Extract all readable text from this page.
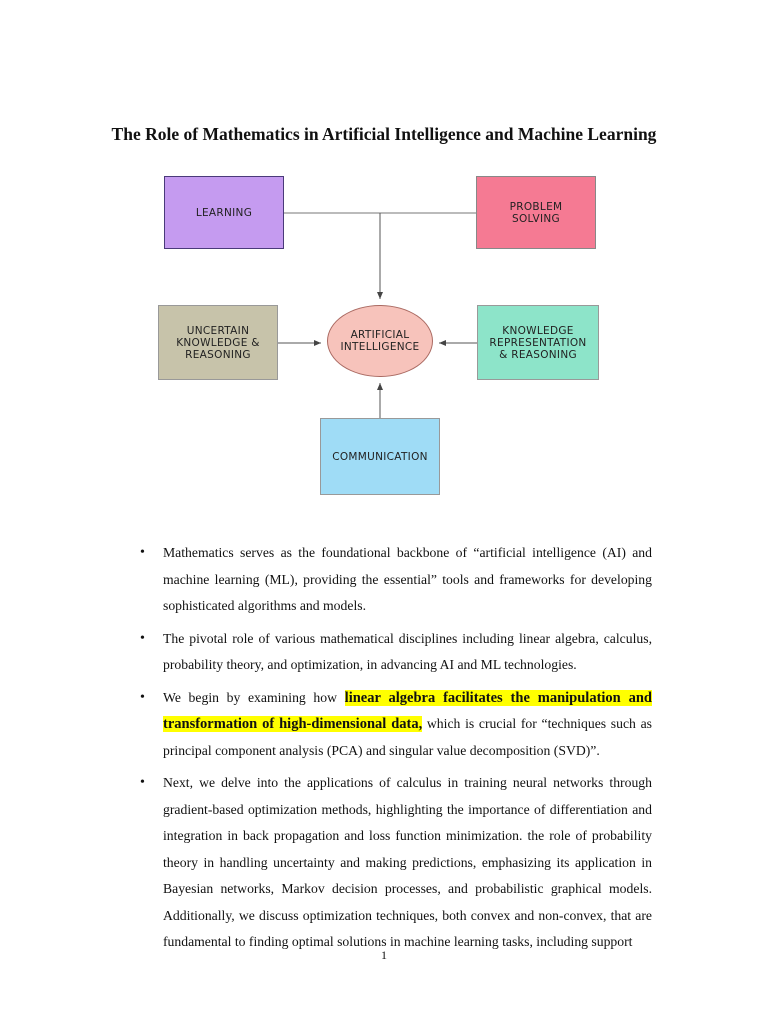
The Role of Mathematics in Artificial Intelligence and Machine Learning
LEARNING	PROBLEM
SOLVING
UNCERTAIN
KNOWLEDGE &
REASONING
KNOWLEDGE
REPRESENTATION
& REASONING
COMMUNICATION
ARTIFICIAL
INTELLIGENCE
• Mathematics serves as the foundational backbone of “artificial intelligence (AI) and machine learning (ML), providing the essential” tools and frameworks for developing sophisticated algorithms and models.
• The pivotal role of various mathematical disciplines including linear algebra, calculus, probability theory, and optimization, in advancing AI and ML technologies.
• We begin by examining how linear algebra facilitates the manipulation and transformation of high-dimensional data, which is crucial for “techniques such as principal component analysis (PCA) and singular value decomposition (SVD)”.
• Next, we delve into the applications of calculus in training neural networks through gradient-based optimization methods, highlighting the importance of differentiation and integration in back propagation and loss function minimization. the role of probability theory in handling uncertainty and making predictions, emphasizing its application in Bayesian networks, Markov decision processes, and probabilistic graphical models. Additionally, we discuss optimization techniques, both convex and non-convex, that are fundamental to finding optimal solutions in machine learning tasks, including support
1
